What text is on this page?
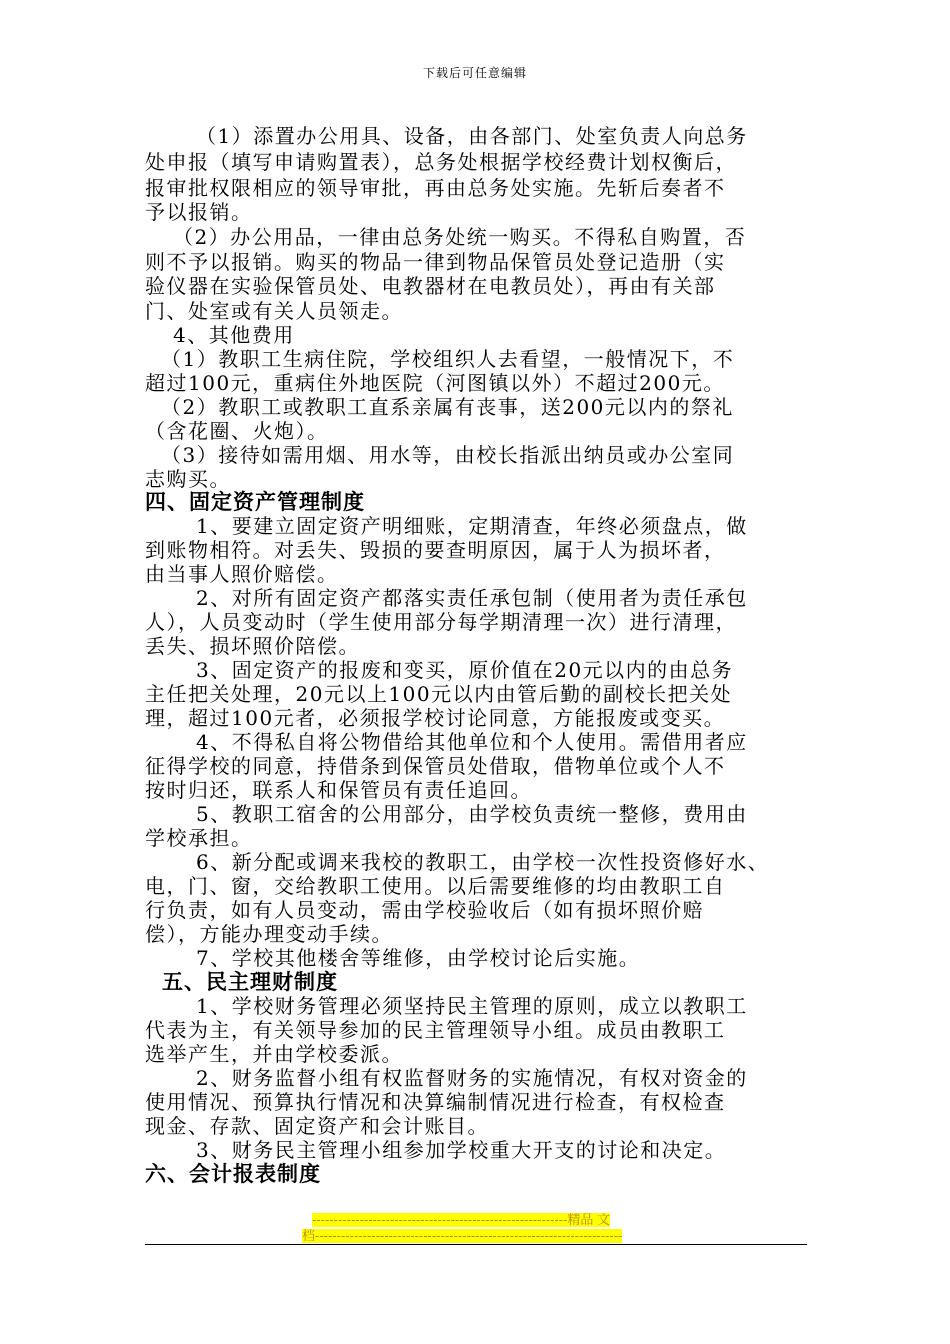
下载后可任意编辑
（1）添置办公用具、设备，由各部门、处室负责人向总务
处申报（填写申请购置表），总务处根据学校经费计划权衡后，
报审批权限相应的领导审批，再由总务处实施。先斩后奏者不
予以报销。
（2）办公用品，一律由总务处统一购买。不得私自购置，否
则不予以报销。购买的物品一律到物品保管员处登记造册（实
验仪器在实验保管员处、电教器材在电教员处），再由有关部
门、处室或有关人员领走。
4、其他费用
（1）教职工生病住院，学校组织人去看望，一般情况下，不
超过100元，重病住外地医院（河图镇以外）不超过200元。
（2）教职工或教职工直系亲属有丧事，送200元以内的祭礼
（含花圈、火炮）。
（3）接待如需用烟、用水等，由校长指派出纳员或办公室同
志购买。
四、固定资产管理制度
1、要建立固定资产明细账，定期清查，年终必须盘点，做
到账物相符。对丢失、毁损的要查明原因，属于人为损坏者，
由当事人照价赔偿。
2、对所有固定资产都落实责任承包制（使用者为责任承包
人），人员变动时（学生使用部分每学期清理一次）进行清理，
丢失、损坏照价陪偿。
3、固定资产的报废和变买，原价值在20元以内的由总务
主任把关处理，20元以上100元以内由管后勤的副校长把关处
理，超过100元者，必须报学校讨论同意，方能报废或变买。
4、不得私自将公物借给其他单位和个人使用。需借用者应
征得学校的同意，持借条到保管员处借取，借物单位或个人不
按时归还，联系人和保管员有责任追回。
5、教职工宿舍的公用部分，由学校负责统一整修，费用由
学校承担。
6、新分配或调来我校的教职工，由学校一次性投资修好水、
电，门、窗，交给教职工使用。以后需要维修的均由教职工自
行负责，如有人员变动，需由学校验收后（如有损坏照价赔
偿），方能办理变动手续。
7、学校其他楼舍等维修，由学校讨论后实施。
五、民主理财制度
1、学校财务管理必须坚持民主管理的原则，成立以教职工
代表为主，有关领导参加的民主管理领导小组。成员由教职工
选举产生，并由学校委派。
2、财务监督小组有权监督财务的实施情况，有权对资金的
使用情况、预算执行情况和决算编制情况进行检查，有权检查
现金、存款、固定资产和会计账目。
3、财务民主管理小组参加学校重大开支的讨论和决定。
六、会计报表制度
-----------------------------------------------------------精品 文
档-----------------------------------------------------------------------
